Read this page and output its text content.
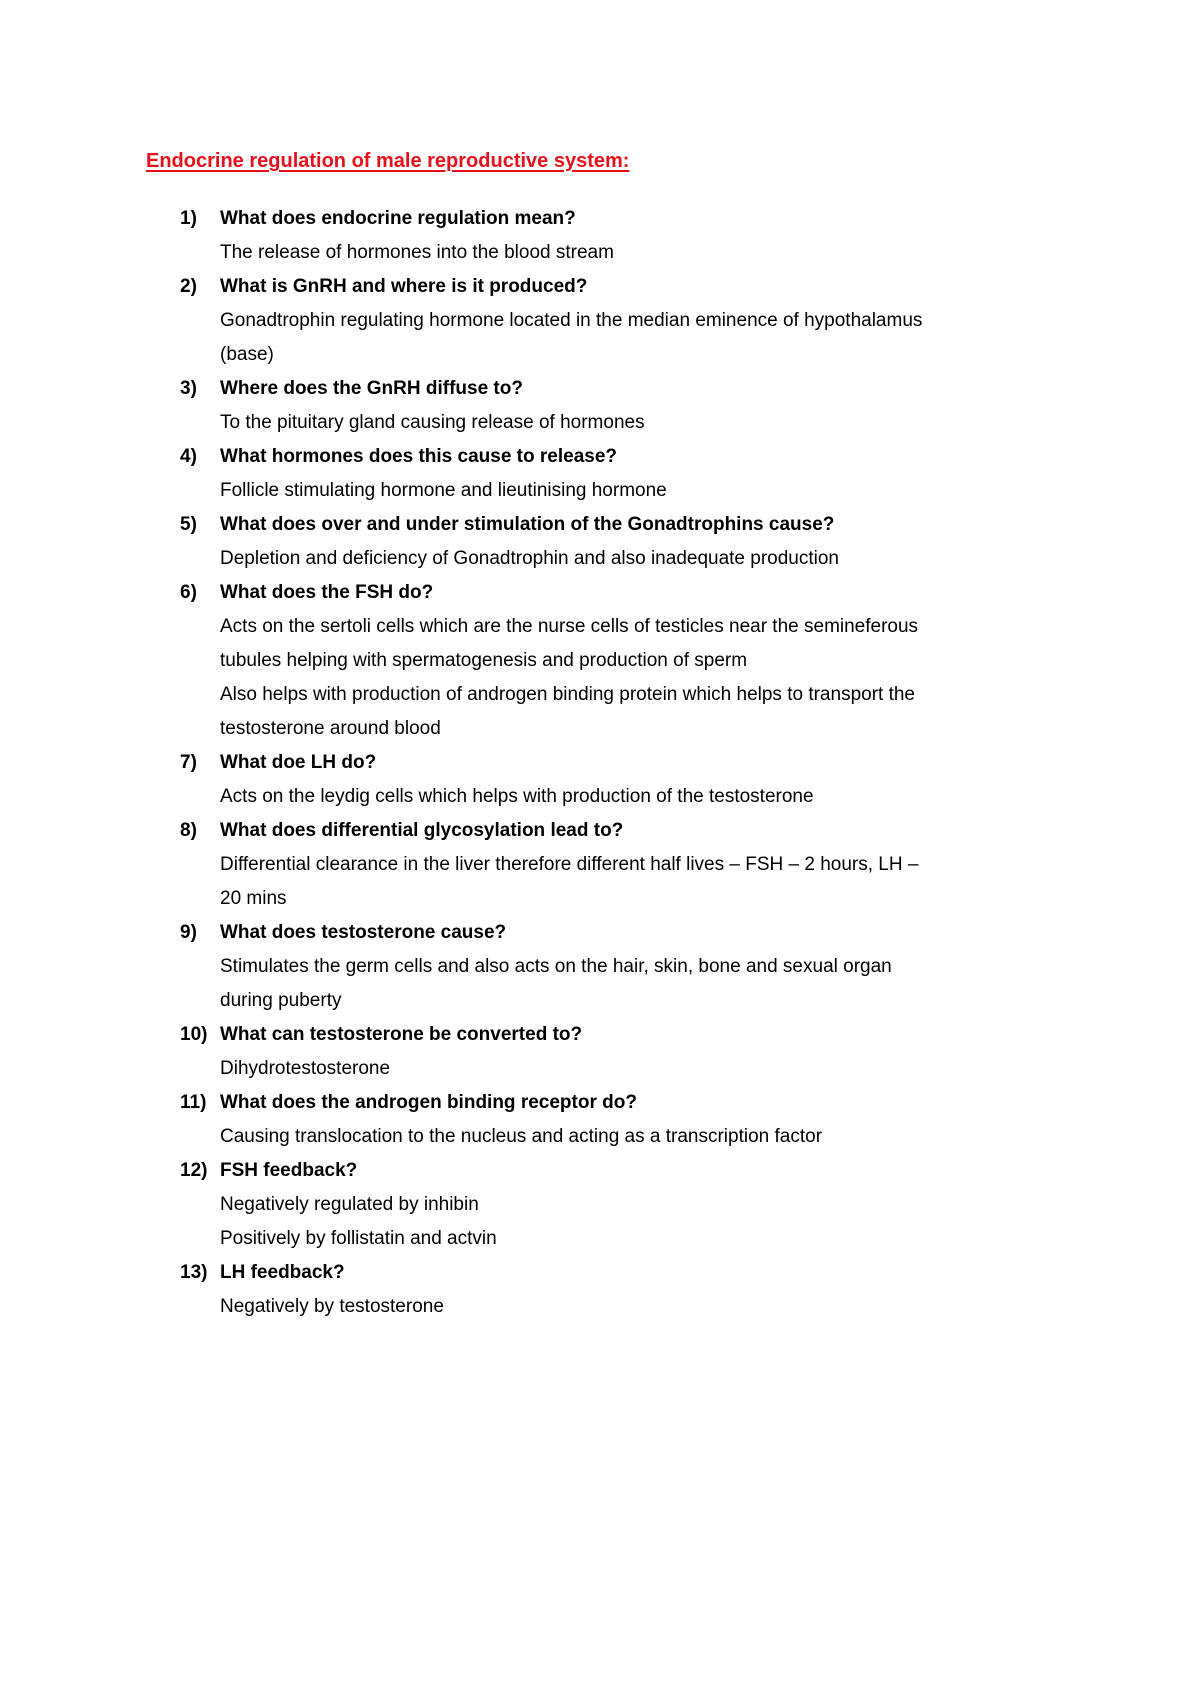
Endocrine regulation of male reproductive system:
1) What does endocrine regulation mean?
The release of hormones into the blood stream
2) What is GnRH and where is it produced?
Gonadtrophin regulating hormone located in the median eminence of hypothalamus
(base)
3) Where does the GnRH diffuse to?
To the pituitary gland causing release of hormones
4) What hormones does this cause to release?
Follicle stimulating hormone and lieutinising hormone
5) What does over and under stimulation of the Gonadtrophins cause?
Depletion and deficiency of Gonadtrophin and also inadequate production
6) What does the FSH do?
Acts on the sertoli cells which are the nurse cells of testicles near the semineferous
tubules helping with spermatogenesis and production of sperm
Also helps with production of androgen binding protein which helps to transport the
testosterone around blood
7) What doe LH do?
Acts on the leydig cells which helps with production of the testosterone
8) What does differential glycosylation lead to?
Differential clearance in the liver therefore different half lives – FSH – 2 hours, LH –
20 mins
9) What does testosterone cause?
Stimulates the germ cells and also acts on the hair, skin, bone and sexual organ
during puberty
10) What can testosterone be converted to?
Dihydrotestosterone
11) What does the androgen binding receptor do?
Causing translocation to the nucleus and acting as a transcription factor
12) FSH feedback?
Negatively regulated by inhibin
Positively by follistatin and actvin
13) LH feedback?
Negatively by testosterone
